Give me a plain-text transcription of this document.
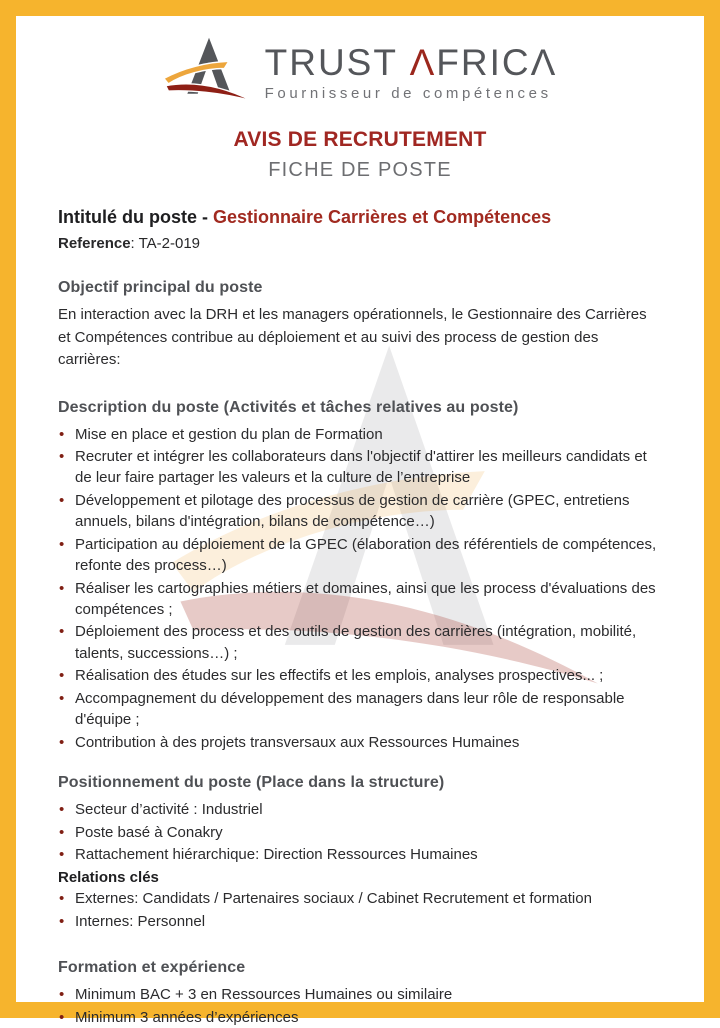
TRUST ΛFRICΛ
Fournisseur de compétences
AVIS DE RECRUTEMENT
FICHE DE POSTE
Intitulé du poste - Gestionnaire Carrières et Compétences
Reference: TA-2-019
Objectif principal du poste

En interaction avec la DRH et les managers opérationnels, le Gestionnaire des Carrières et Compétences contribue au déploiement et au suivi des process de gestion des carrières:

Description du poste (Activités et tâches relatives au poste)
• Mise en place et gestion du plan de Formation
• Recruter et intégrer les collaborateurs dans l'objectif d'attirer les meilleurs candidats et de leur faire partager les valeurs et la culture de l’entreprise
• Développement et pilotage des processus de gestion de carrière (GPEC, entretiens annuels, bilans d'intégration, bilans de compétence…)
• Participation au déploiement de la GPEC (élaboration des référentiels de compétences, refonte des process…)
• Réaliser les cartographies métiers et domaines, ainsi que les process d'évaluations des compétences ;
• Déploiement des process et des outils de gestion des carrières (intégration, mobilité, talents, successions…) ;
• Réalisation des études sur les effectifs et les emplois, analyses prospectives... ;
• Accompagnement du développement des managers dans leur rôle de responsable d'équipe ;
• Contribution à des projets transversaux aux Ressources Humaines
Positionnement du poste (Place dans la structure)
• Secteur d’activité : Industriel
• Poste basé à Conakry
• Rattachement hiérarchique: Direction Ressources Humaines
Relations clés
• Externes: Candidats / Partenaires sociaux / Cabinet Recrutement et formation
• Internes: Personnel
Formation et expérience
• Minimum BAC + 3 en Ressources Humaines ou similaire
• Minimum 3 années d’expériences
